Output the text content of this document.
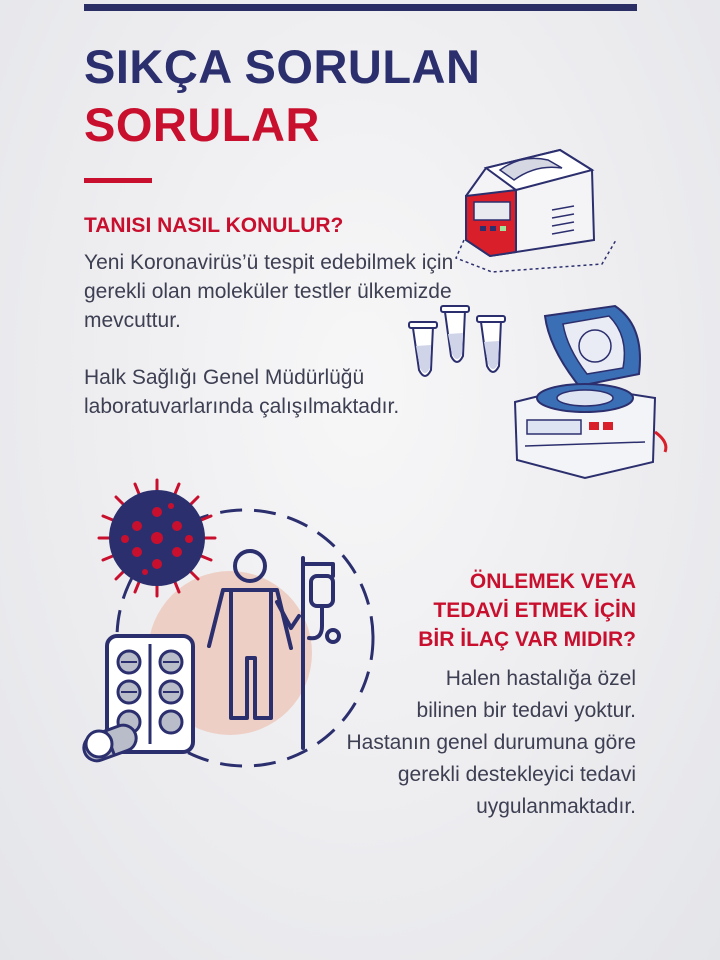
SIKÇA SORULAN
SORULAR
TANISI NASIL KONULUR?

Yeni Koronavirüs’ü tespit edebilmek için gerekli olan moleküler testler ülkemizde mevcuttur.

Halk Sağlığı Genel Müdürlüğü laboratuvarlarında çalışılmaktadır.

ÖNLEMEK VEYA
TEDAVİ ETMEK İÇİN
BİR İLAÇ VAR MIDIR?
Halen hastalığa özel
bilinen bir tedavi yoktur.
Hastanın genel durumuna göre
gerekli destekleyici tedavi
uygulanmaktadır.
